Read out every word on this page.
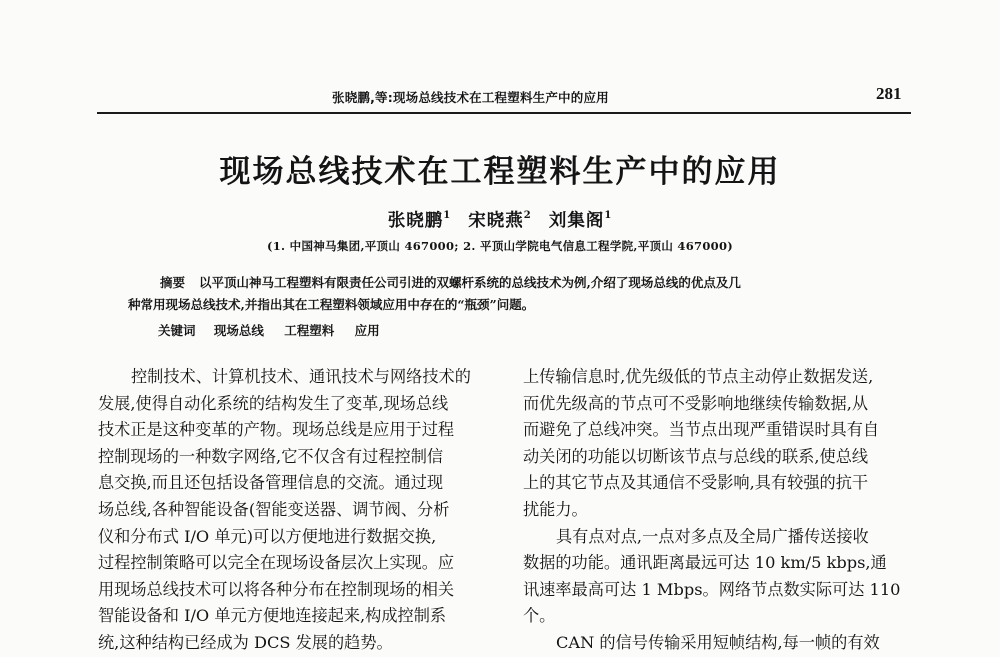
张晓鹏,等:现场总线技术在工程塑料生产中的应用	281
现场总线技术在工程塑料生产中的应用
张晓鹏$^1$ 宋晓燕$^2$ 刘集阁$^1$
(1. 中国神马集团,平顶山 467000; 2. 平顶山学院电气信息工程学院,平顶山 467000)
摘要 以平顶山神马工程塑料有限责任公司引进的双螺杆系统的总线技术为例,介绍了现场总线的优点及几
种常用现场总线技术,并指出其在工程塑料领域应用中存在的“瓶颈”问题。
关键词 现场总线 工程塑料 应用
控制技术、计算机技术、通讯技术与网络技术的
发展,使得自动化系统的结构发生了变革,现场总线
技术正是这种变革的产物。现场总线是应用于过程
控制现场的一种数字网络,它不仅含有过程控制信
息交换,而且还包括设备管理信息的交流。通过现
场总线,各种智能设备(智能变送器、调节阀、分析
仪和分布式 I/O 单元)可以方便地进行数据交换,
过程控制策略可以完全在现场设备层次上实现。应
用现场总线技术可以将各种分布在控制现场的相关
智能设备和 I/O 单元方便地连接起来,构成控制系
统,这种结构已经成为 DCS 发展的趋势。
上传输信息时,优先级低的节点主动停止数据发送,
而优先级高的节点可不受影响地继续传输数据,从
而避免了总线冲突。当节点出现严重错误时具有自
动关闭的功能以切断该节点与总线的联系,使总线
上的其它节点及其通信不受影响,具有较强的抗干
扰能力。
具有点对点,一点对多点及全局广播传送接收
数据的功能。通讯距离最远可达 10 km/5 kbps,通
讯速率最高可达 1 Mbps。网络节点数实际可达 110
个。
CAN 的信号传输采用短帧结构,每一帧的有效
